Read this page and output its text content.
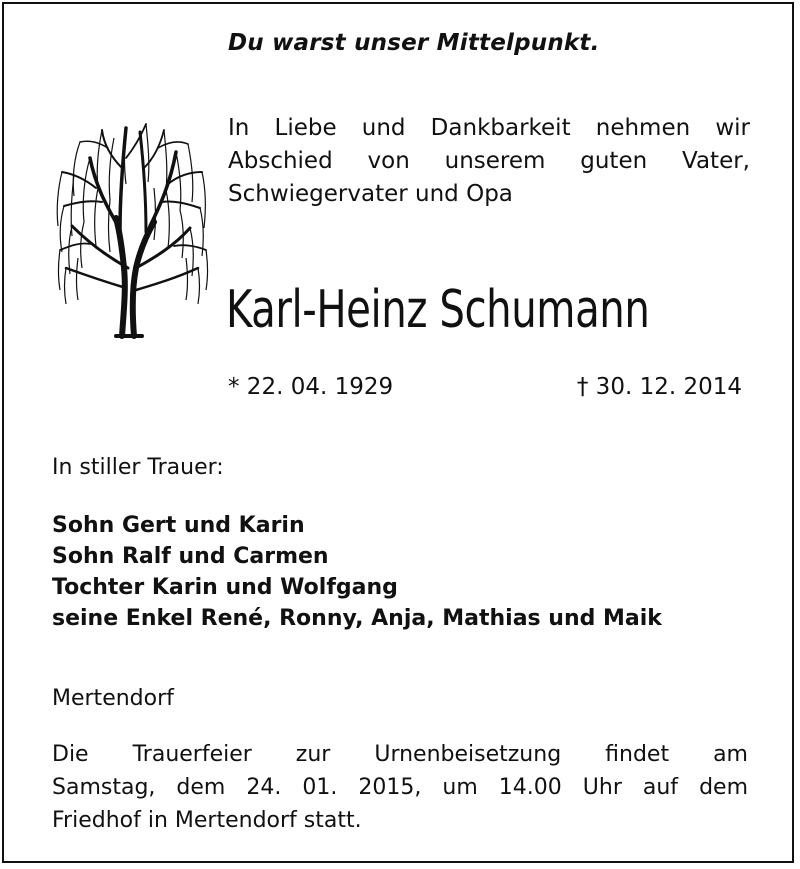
Du warst unser Mittelpunkt.
In Liebe und Dankbarkeit nehmen wir
Abschied von unserem guten Vater,
Schwiegervater und Opa
Karl-Heinz Schumann
* 22. 04. 1929	† 30. 12. 2014
In stiller Trauer:
Sohn Gert und Karin
Sohn Ralf und Carmen
Tochter Karin und Wolfgang
seine Enkel René, Ronny, Anja, Mathias und Maik
Mertendorf
Die Trauerfeier zur Urnenbeisetzung findet am
Samstag, dem 24. 01. 2015, um 14.00 Uhr auf dem
Friedhof in Mertendorf statt.
